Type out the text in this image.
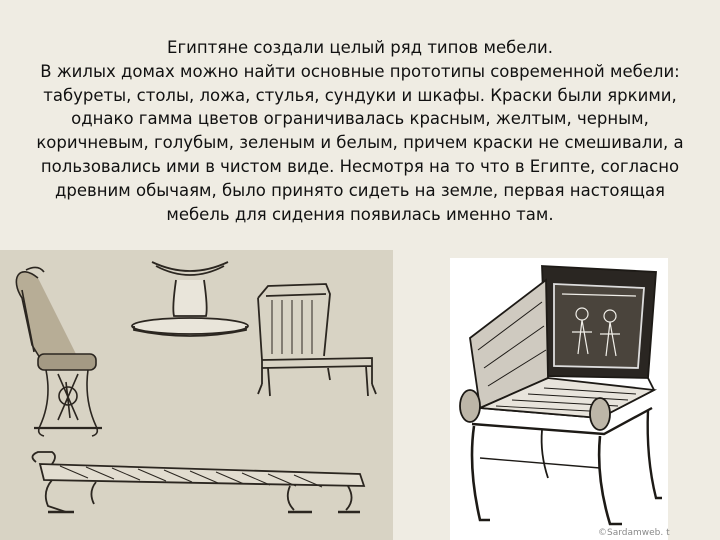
Египтяне создали целый ряд типов мебели.

В жилых домах можно найти основные прототипы современной мебели:

табуреты, столы, ложа, стулья, сундуки и шкафы. Краски были яркими,

однако гамма цветов ограничивалась красным, желтым, черным,

коричневым, голубым, зеленым и белым, причем краски не смешивали, а

пользовались ими в чистом виде. Несмотря на то что в Египте, согласно

древним обычаям, было принято сидеть на земле, первая настоящая

мебель для сидения появилась именно там.

©Sardamweb. t
